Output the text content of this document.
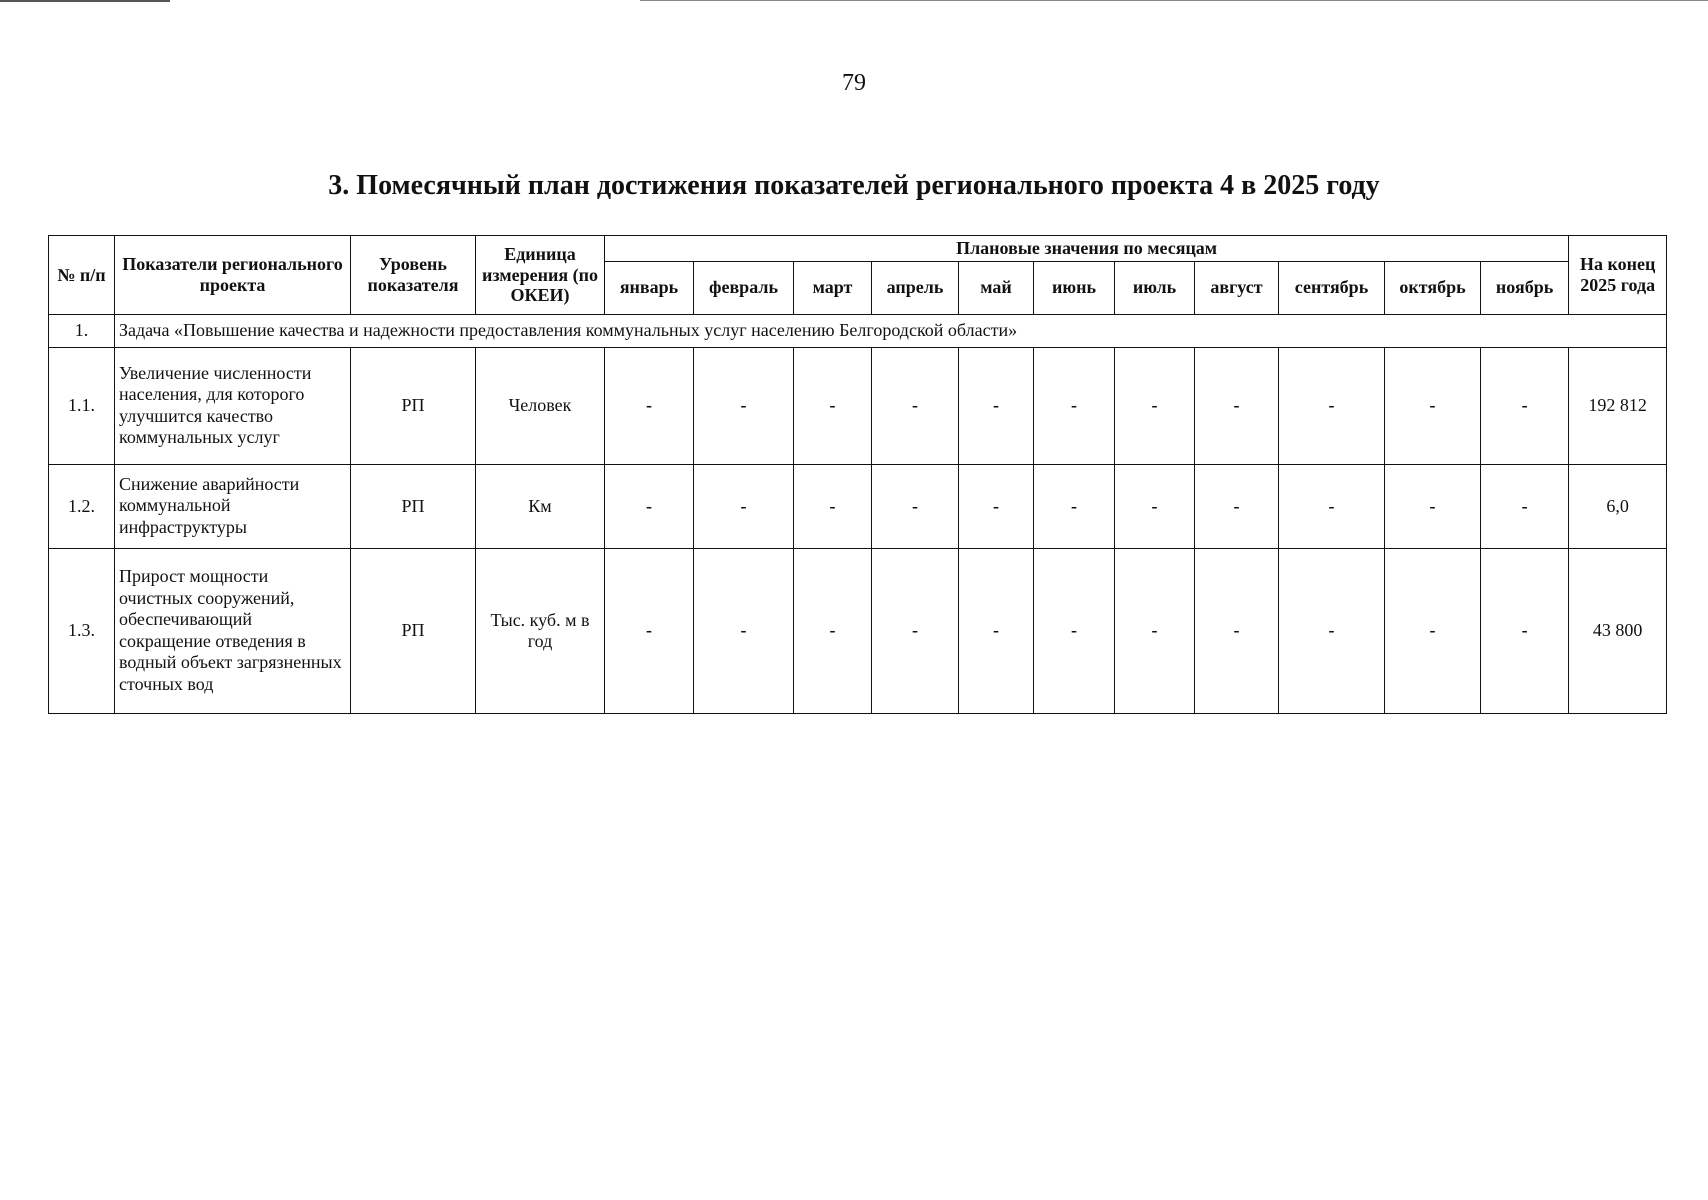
79
3. Помесячный план достижения показателей регионального проекта 4 в 2025 году
№ п/п	Показатели регионального проекта	Уровень показателя	Единица измерения (по ОКЕИ)	Плановые значения по месяцам											На конец 2025 года
				январь	февраль	март	апрель	май	июнь	июль	август	сентябрь	октябрь	ноябрь	
1.	Задача «Повышение качества и надежности предоставления коммунальных услуг населению Белгородской области»														
1.1.	Увеличение численности населения, для которого улучшится качество коммунальных услуг	РП	Человек	-	-	-	-	-	-	-	-	-	-	-	192 812
1.2.	Снижение аварийности коммунальной инфраструктуры	РП	Км	-	-	-	-	-	-	-	-	-	-	-	6,0
1.3.	Прирост мощности очистных сооружений, обеспечивающий сокращение отведения в водный объект загрязненных сточных вод	РП	Тыс. куб. м в год	-	-	-	-	-	-	-	-	-	-	-	43 800
